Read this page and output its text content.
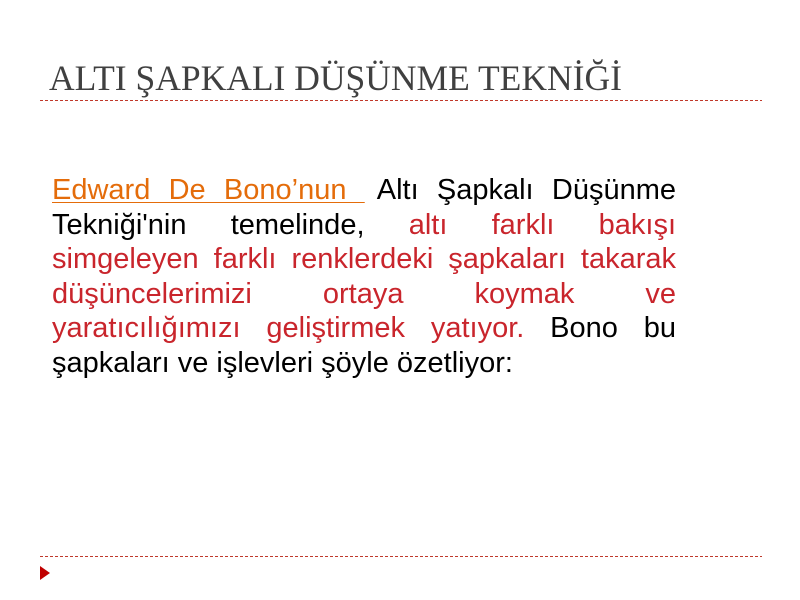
ALTI ŞAPKALI DÜŞÜNME TEKNİĞİ
Edward De Bono’nun Altı Şapkalı Düşünme
Tekniği'nin temelinde, altı farklı bakışı
simgeleyen farklı renklerdeki şapkaları takarak
düşüncelerimizi ortaya koymak ve
yaratıcılığımızı geliştirmek yatıyor. Bono bu
şapkaları ve işlevleri şöyle özetliyor:
